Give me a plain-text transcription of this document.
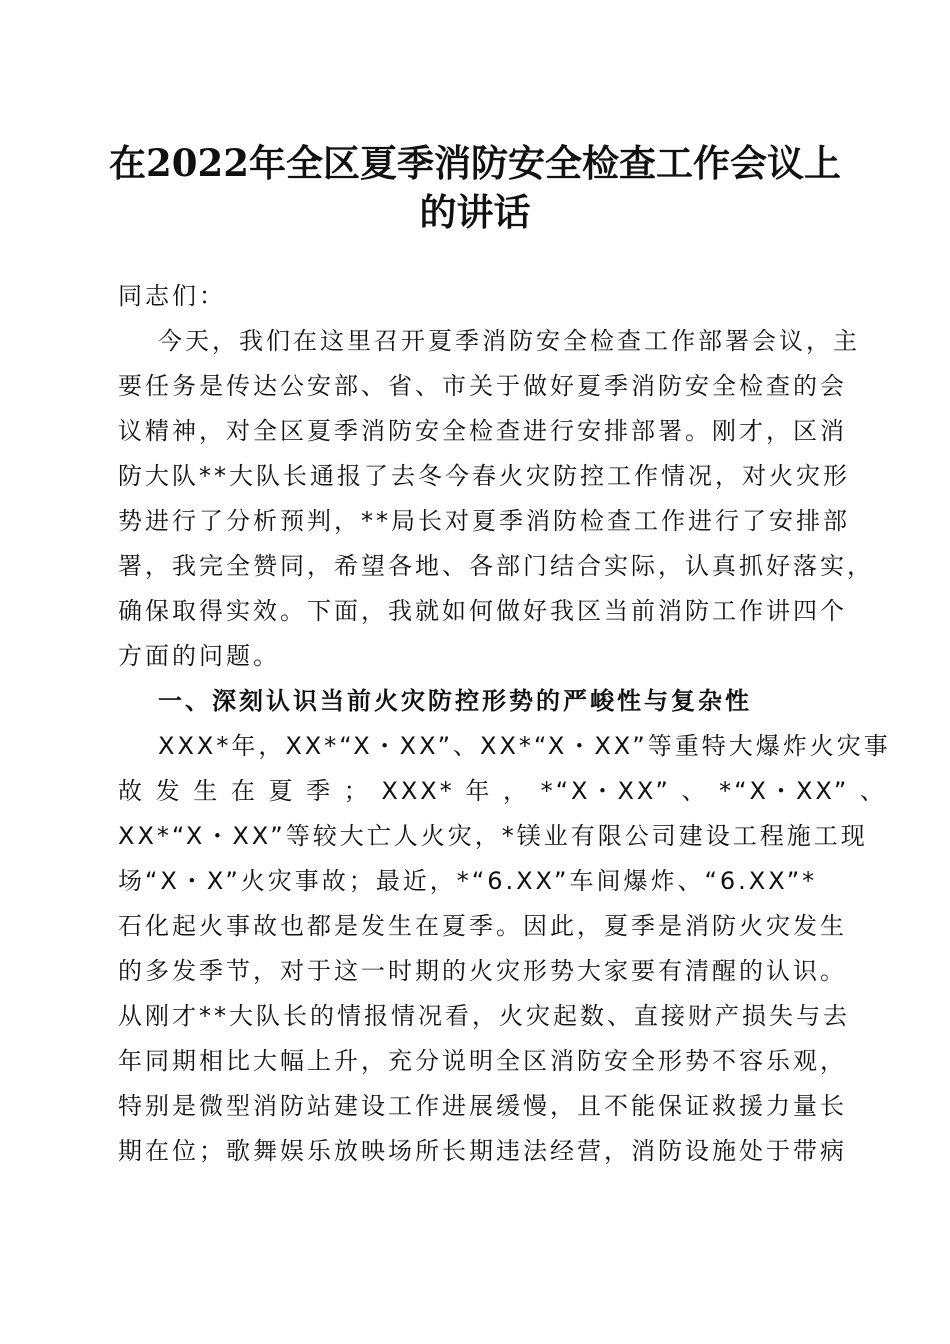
在2022年全区夏季消防安全检查工作会议上
的讲话

同志们：

今天，我们在这里召开夏季消防安全检查工作部署会议，主

要任务是传达公安部、省、市关于做好夏季消防安全检查的会

议精神，对全区夏季消防安全检查进行安排部署。刚才，区消

防大队**大队长通报了去冬今春火灾防控工作情况，对火灾形

势进行了分析预判，**局长对夏季消防检查工作进行了安排部

署，我完全赞同，希望各地、各部门结合实际，认真抓好落实，

确保取得实效。下面，我就如何做好我区当前消防工作讲四个

方面的问题。

一、深刻认识当前火灾防控形势的严峻性与复杂性

XXX*年，XX*“X・XX”、XX*“X・XX”等重特大爆炸火灾事

故 发 生 在 夏 季 ； XXX* 年 ， *“X・XX” 、 *“X・XX” 、

XX*“X・XX”等较大亡人火灾，*镁业有限公司建设工程施工现

场“X・X”火灾事故；最近，*“6.XX”车间爆炸、“6.XX”*

石化起火事故也都是发生在夏季。因此，夏季是消防火灾发生

的多发季节，对于这一时期的火灾形势大家要有清醒的认识。

从刚才**大队长的情报情况看，火灾起数、直接财产损失与去

年同期相比大幅上升，充分说明全区消防安全形势不容乐观，

特别是微型消防站建设工作进展缓慢，且不能保证救援力量长

期在位；歌舞娱乐放映场所长期违法经营，消防设施处于带病
